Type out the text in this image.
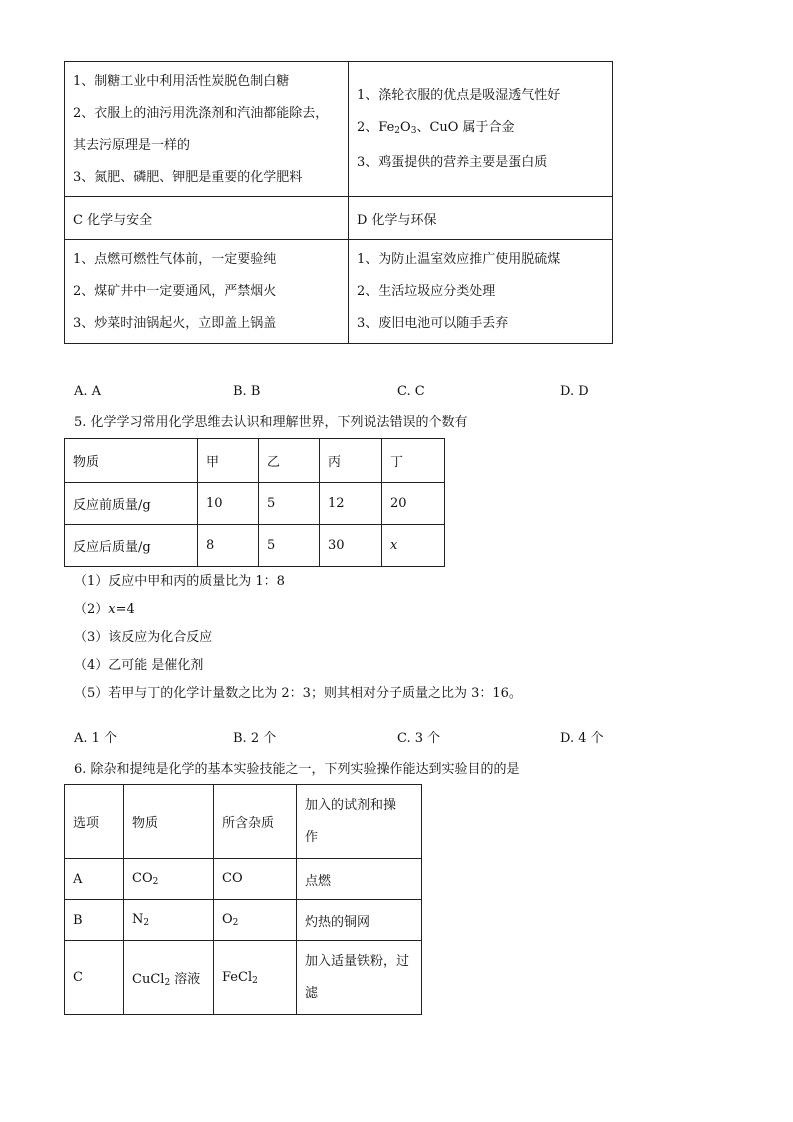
1、制糖工业中利用活性炭脱色制白糖
2、衣服上的油污用洗涤剂和汽油都能除去，
其去污原理是一样的
3、氮肥、磷肥、钾肥是重要的化学肥料	1、涤轮衣服的优点是吸湿透气性好
2、$Fe_2O_3$、CuO 属于合金
3、鸡蛋提供的营养主要是蛋白质

C 化学与安全	D 化学与环保

1、点燃可燃性气体前，一定要验纯
2、煤矿井中一定要通风，严禁烟火
3、炒菜时油锅起火，立即盖上锅盖	1、为防止温室效应推广使用脱硫煤
2、生活垃圾应分类处理
3、废旧电池可以随手丢弃
A. A	B. B	C. C	D. D
5. 化学学习常用化学思维去认识和理解世界，下列说法错误的个数有
物质	甲	乙	丙	丁
反应前质量/g	10	5	12	20
反应后质量/g	8	5	30	x
（1）反应中甲和丙的质量比为 1：8
（2）x=4
（3）该反应为化合反应
（4）乙可能 是催化剂
（5）若甲与丁的化学计量数之比为 2：3；则其相对分子质量之比为 3：16。
A. 1 个	B. 2 个	C. 3 个	D. 4 个
6. 除杂和提纯是化学的基本实验技能之一，下列实验操作能达到实验目的的是
选项	物质	所含杂质	加入的试剂和操
作

A	$CO_2$	CO	点燃
B	$N_2$	$O_2$	灼热的铜网
C	CuCl$_2$ 溶液	FeCl$_2$	加入适量铁粉，过
滤
